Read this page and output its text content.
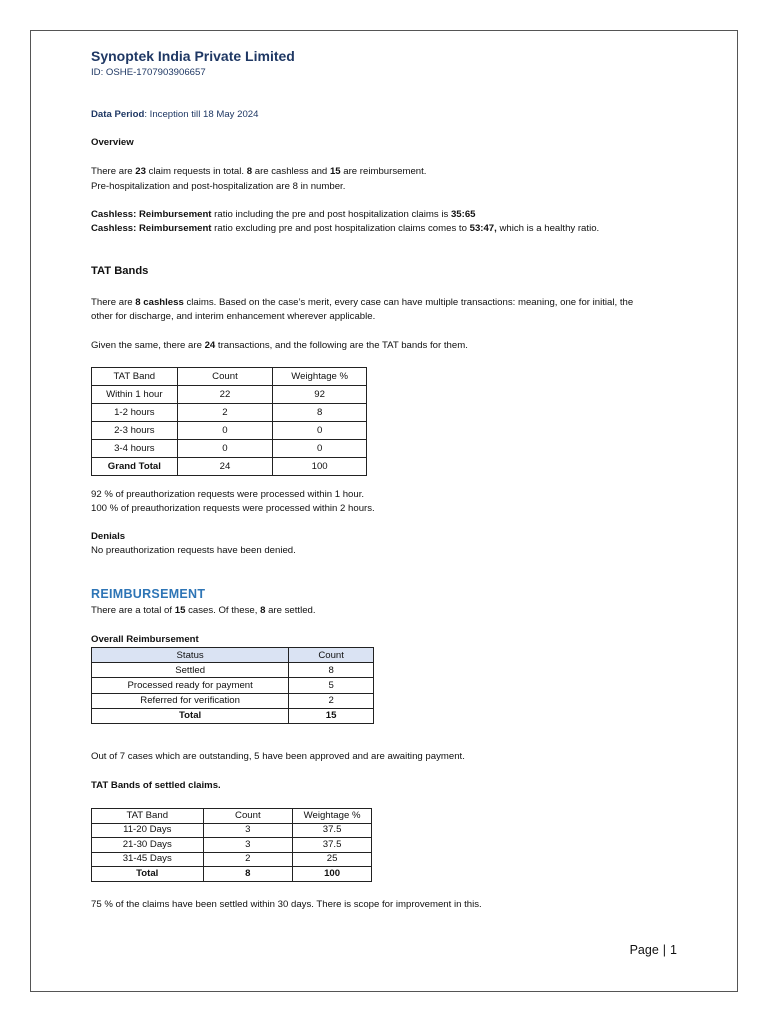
Synoptek India Private Limited
ID: OSHE-1707903906657
Data Period: Inception till 18 May 2024
Overview
There are 23 claim requests in total. 8 are cashless and 15 are reimbursement.
Pre-hospitalization and post-hospitalization are 8 in number.
Cashless: Reimbursement ratio including the pre and post hospitalization claims is 35:65
Cashless: Reimbursement ratio excluding pre and post hospitalization claims comes to 53:47, which is a healthy ratio.
TAT Bands
There are 8 cashless claims. Based on the case’s merit, every case can have multiple transactions: meaning, one for initial, the
other for discharge, and interim enhancement wherever applicable.
Given the same, there are 24 transactions, and the following are the TAT bands for them.
TAT Band	Count	Weightage %
Within 1 hour	22	92
1-2 hours	2	8
2-3 hours	0	0
3-4 hours	0	0
Grand Total	24	100
92 % of preauthorization requests were processed within 1 hour.
100 % of preauthorization requests were processed within 2 hours.
Denials
No preauthorization requests have been denied.
REIMBURSEMENT
There are a total of 15 cases. Of these, 8 are settled.
Overall Reimbursement
Status	Count
Settled	8
Processed ready for payment	5
Referred for verification	2
Total	15
Out of 7 cases which are outstanding, 5 have been approved and are awaiting payment.
TAT Bands of settled claims.
TAT Band	Count	Weightage %
11-20 Days	3	37.5
21-30 Days	3	37.5
31-45 Days	2	25
Total	8	100
75 % of the claims have been settled within 30 days. There is scope for improvement in this.
Page | 1
